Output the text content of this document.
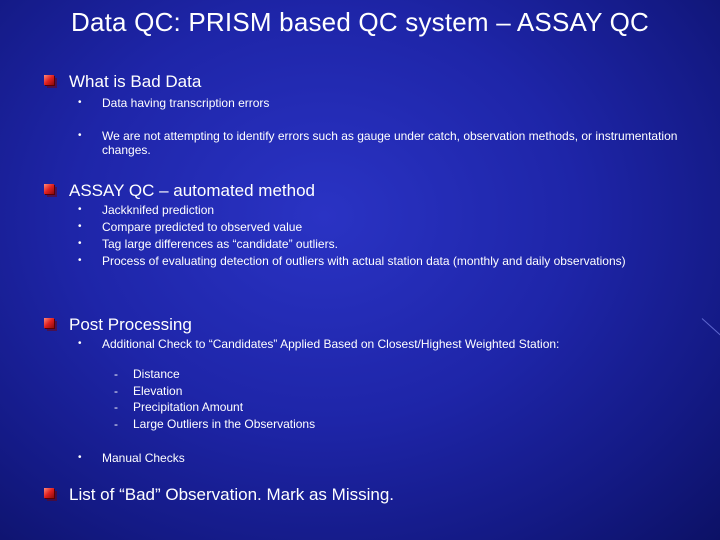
Data QC: PRISM based QC system – ASSAY QC
What is Bad Data
• Data having transcription errors
• We are not attempting to identify errors such as gauge under catch, observation methods, or instrumentation changes.
ASSAY QC – automated method
• Jackknifed prediction
• Compare predicted to observed value
• Tag large differences as “candidate” outliers.
• Process of evaluating detection of outliers with actual station data (monthly and daily observations)
Post Processing
• Additional Check to “Candidates” Applied Based on Closest/Highest Weighted Station:
- Distance
- Elevation
- Precipitation Amount
- Large Outliers in the Observations
• Manual Checks
List of “Bad” Observation. Mark as Missing.
